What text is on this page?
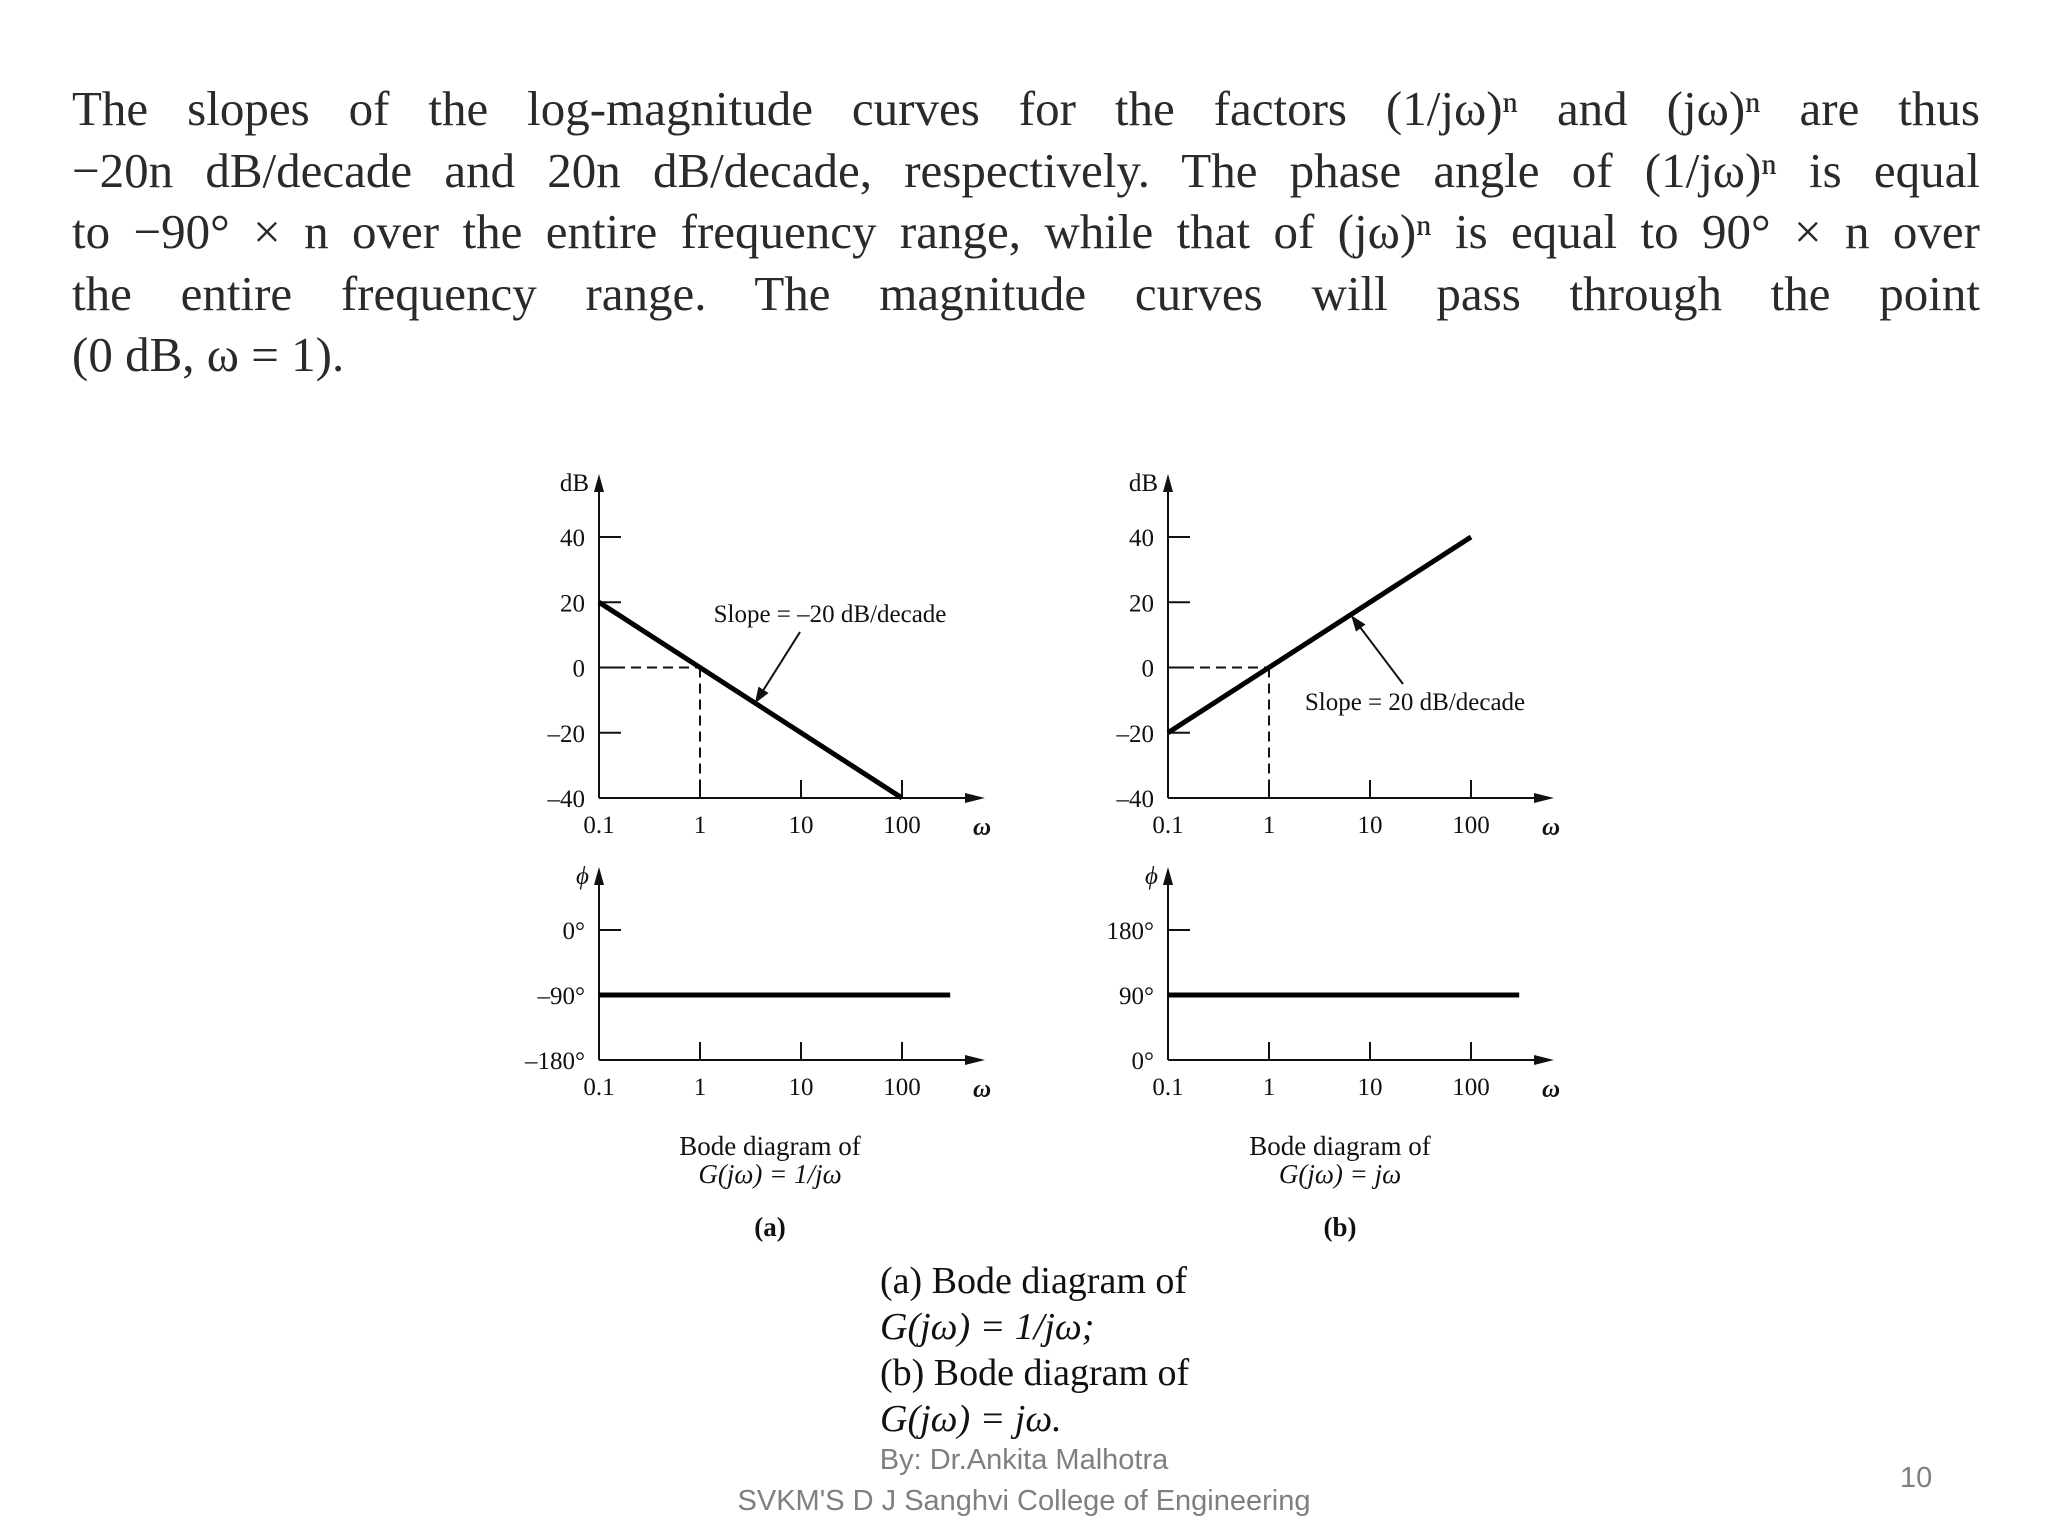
The slopes of the log-magnitude curves for the factors (1/jω)ⁿ and (jω)ⁿ are thus
−20n dB/decade and 20n dB/decade, respectively. The phase angle of (1/jω)ⁿ is equal
to −90° × n over the entire frequency range, while that of (jω)ⁿ is equal to 90° × n over
the entire frequency range. The magnitude curves will pass through the point
(0 dB, ω = 1).
dB
ω
40
20
0
–20
–40
0.1	1	10	100
Slope = –20 dB/decade
ϕ
ω
0°
–90°
–180°
0.1	1	10	100
dB
ω
40
20
0
–20
–40
0.1	1	10	100
Slope = 20 dB/decade
ϕ
ω
180°
90°
0°
0.1	1	10	100
Bode diagram of
G(jω) = 1/jω
(a)
Bode diagram of
G(jω) = jω
(b)
(a) Bode diagram of
G(jω) = 1/jω;
(b) Bode diagram of
G(jω) = jω.
By: Dr.Ankita Malhotra
SVKM'S D J Sanghvi College of Engineering
10
